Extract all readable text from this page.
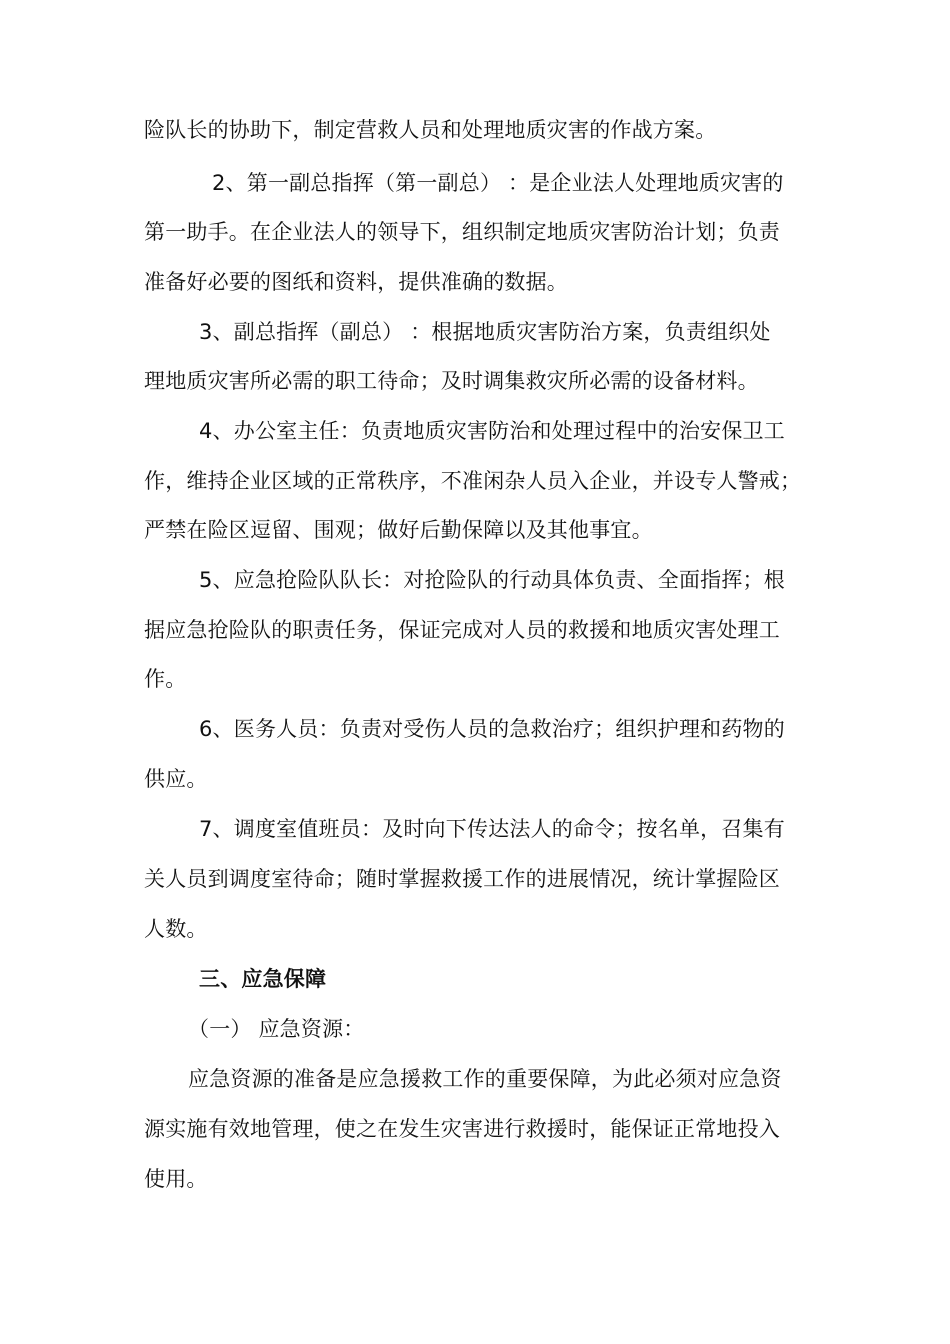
险队长的协助下，制定营救人员和处理地质灾害的作战方案。
2、第一副总指挥（第一副总） ：是企业法人处理地质灾害的
第一助手。在企业法人的领导下，组织制定地质灾害防治计划；负责
准备好必要的图纸和资料，提供准确的数据。
3、副总指挥（副总） ：根据地质灾害防治方案，负责组织处
理地质灾害所必需的职工待命；及时调集救灾所必需的设备材料。
4、办公室主任：负责地质灾害防治和处理过程中的治安保卫工
作，维持企业区域的正常秩序，不准闲杂人员入企业，并设专人警戒；
严禁在险区逗留、围观；做好后勤保障以及其他事宜。
5、应急抢险队队长：对抢险队的行动具体负责、全面指挥；根
据应急抢险队的职责任务，保证完成对人员的救援和地质灾害处理工
作。
6、医务人员：负责对受伤人员的急救治疗；组织护理和药物的
供应。
7、调度室值班员：及时向下传达法人的命令；按名单，召集有
关人员到调度室待命；随时掌握救援工作的进展情况，统计掌握险区
人数。
三、应急保障
（一） 应急资源：
应急资源的准备是应急援救工作的重要保障，为此必须对应急资
源实施有效地管理，使之在发生灾害进行救援时，能保证正常地投入
使用。
